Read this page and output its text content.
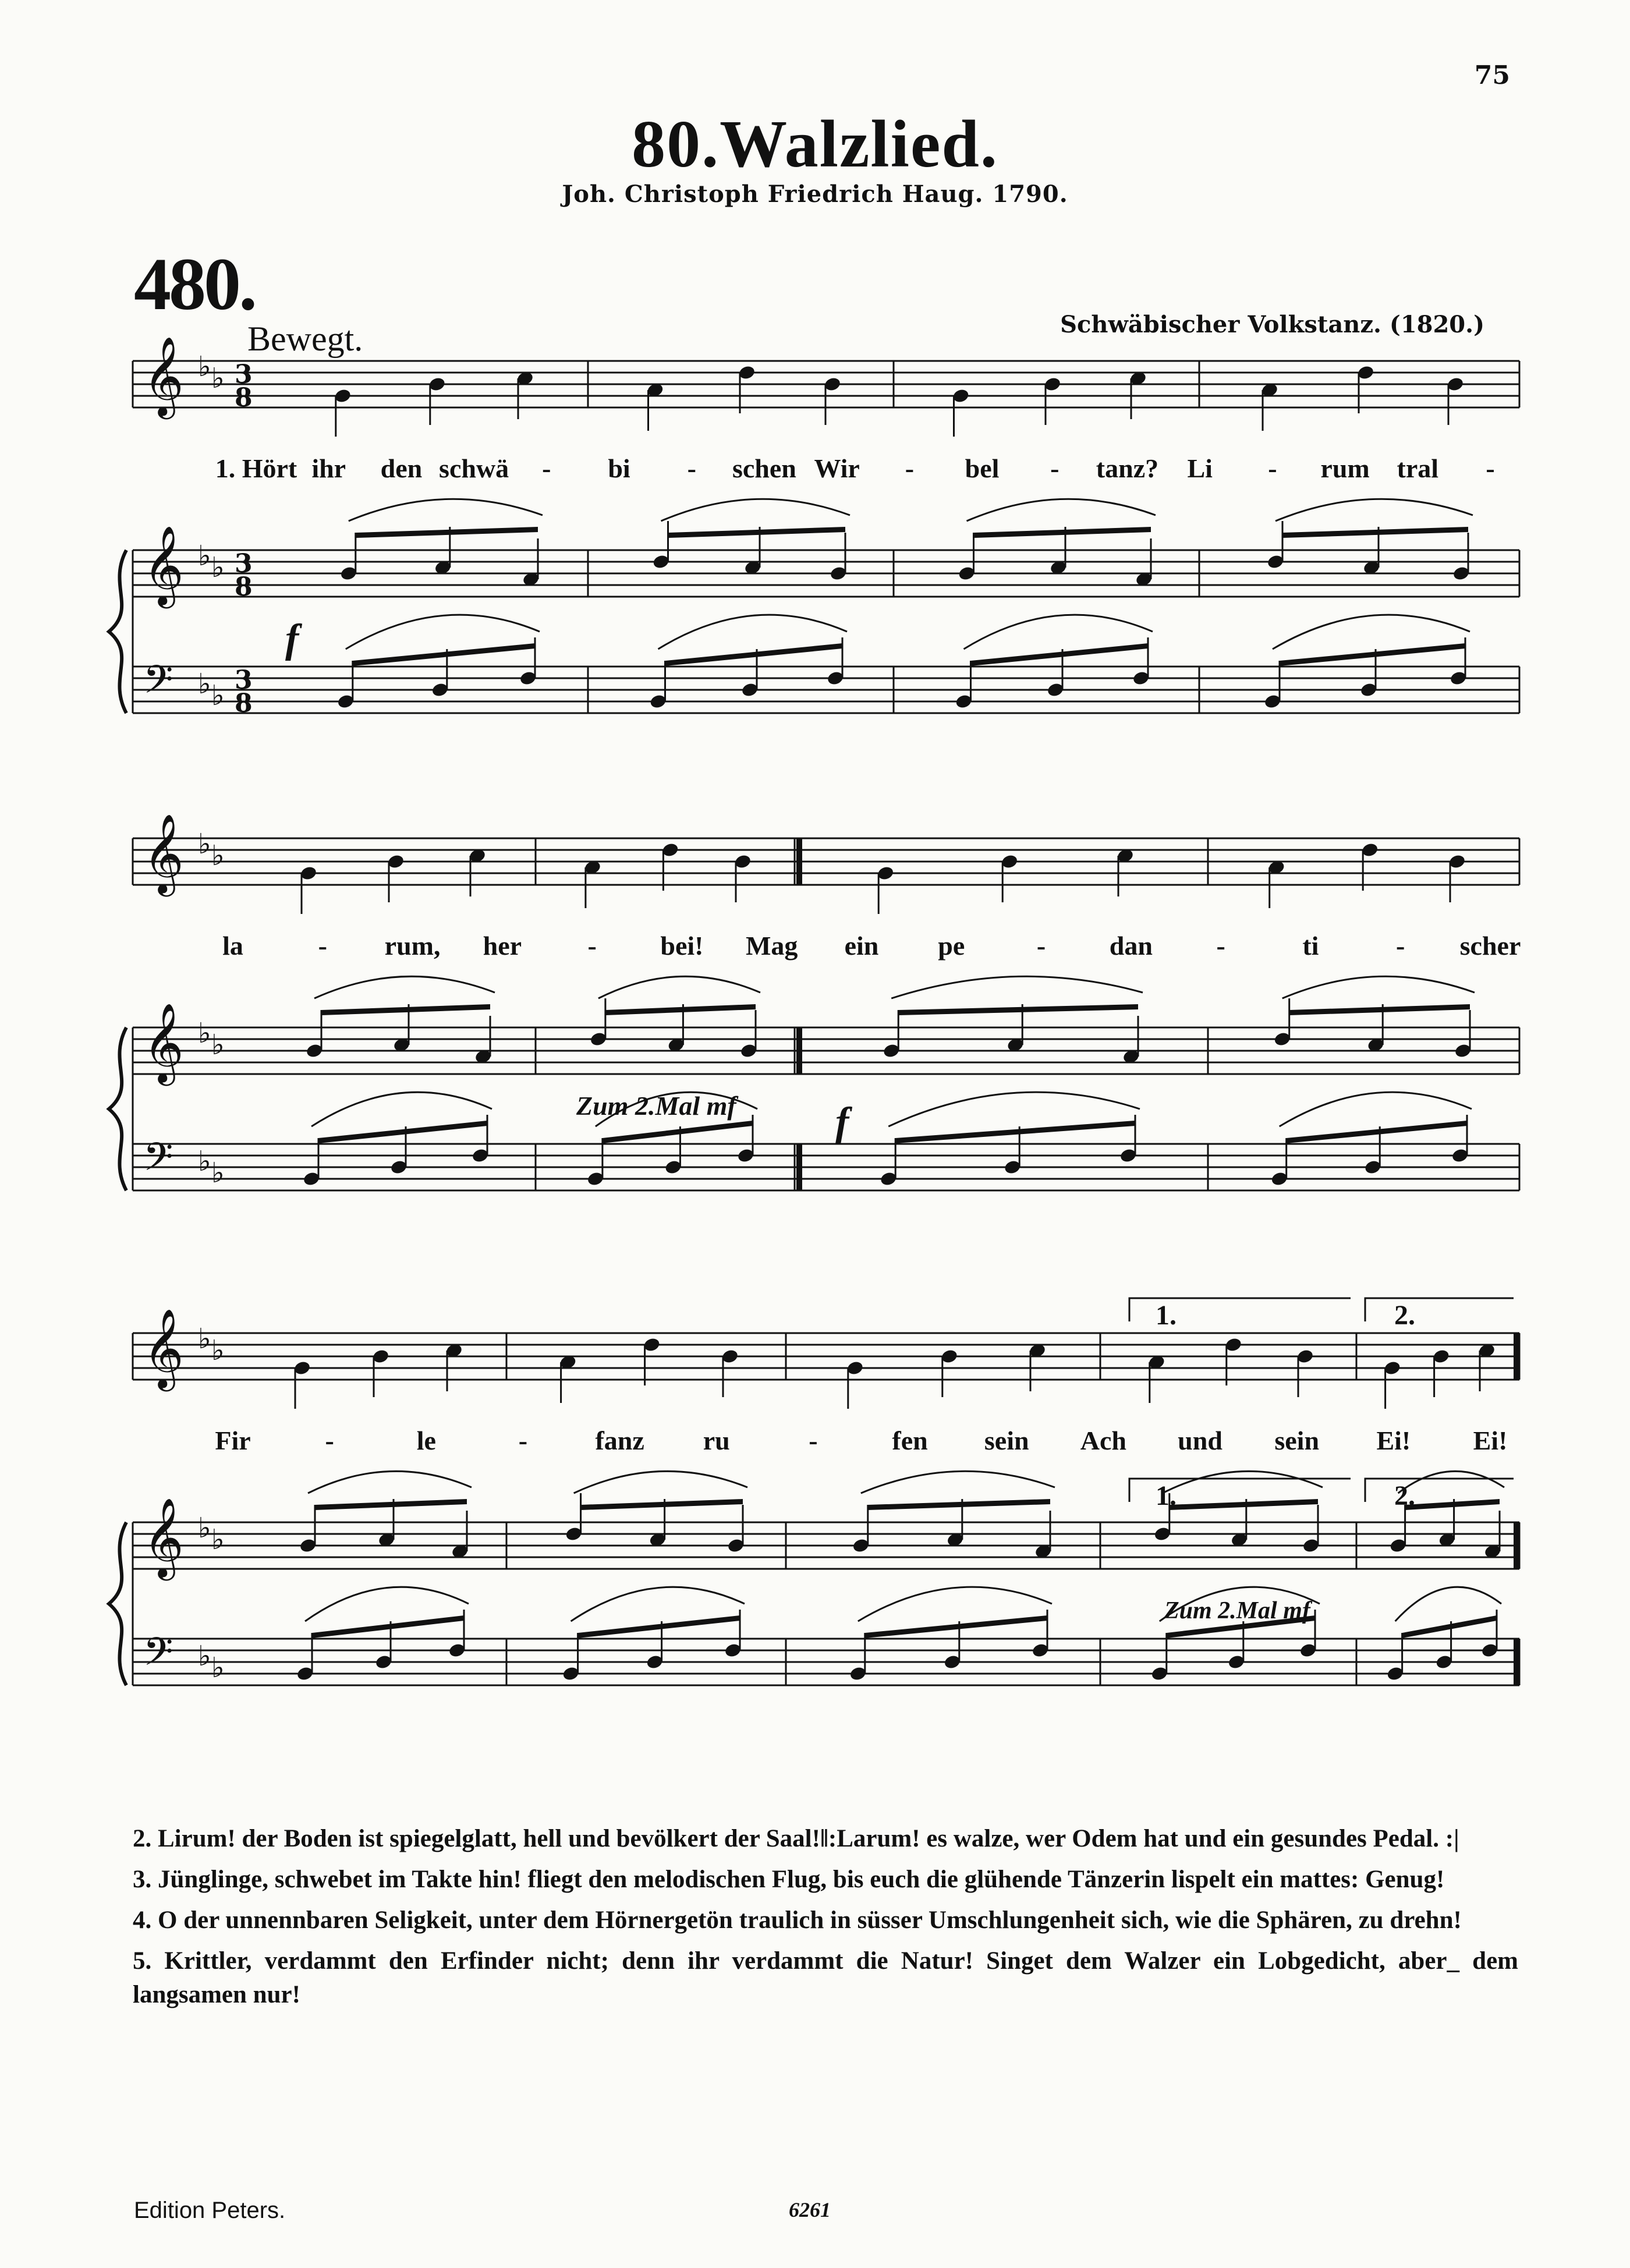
75
80.Walzlied.
Joh. Christoph Friedrich Haug. 1790.
480.
Bewegt.	Schwäbischer Volkstanz. (1820.)
𝄞 ♭ ♭ 3
8
𝄞 ♭ ♭ 3
8
𝄢 ♭ ♭ 3
8
𝄞 ♭ ♭
𝄞 ♭ ♭
𝄢 ♭ ♭
𝄞 ♭ ♭
𝄞 ♭ ♭
𝄢 ♭ ♭
1. Hört ihr den schwä - bi - schen Wir - bel - tanz? Li - rum tral -
f
la	- rum, her - bei! Mag ein pe	- dan -	ti	- scher
Zum 2.Mal mf f
Fir	-	le	-	fanz ru	-	fen sein Ach und sein Ei! Ei!
Zum 2.Mal mf
1.	2.
1.	2.

2. Lirum! der Boden ist spiegelglatt, hell und bevölkert der Saal!‖:Larum! es walze, wer Odem hat und ein gesundes Pedal. :|

3. Jünglinge, schwebet im Takte hin! fliegt den melodischen Flug, bis euch die glühende Tänzerin lispelt ein mattes: Genug!

4. O der unnennbaren Seligkeit, unter dem Hörnergetön traulich in süsser Umschlungenheit sich, wie die Sphären, zu drehn!

5. Krittler, verdammt den Erfinder nicht; denn ihr verdammt die Natur! Singet dem Walzer ein Lobgedicht, aber_ dem langsamen nur!

Edition Peters.	6261
